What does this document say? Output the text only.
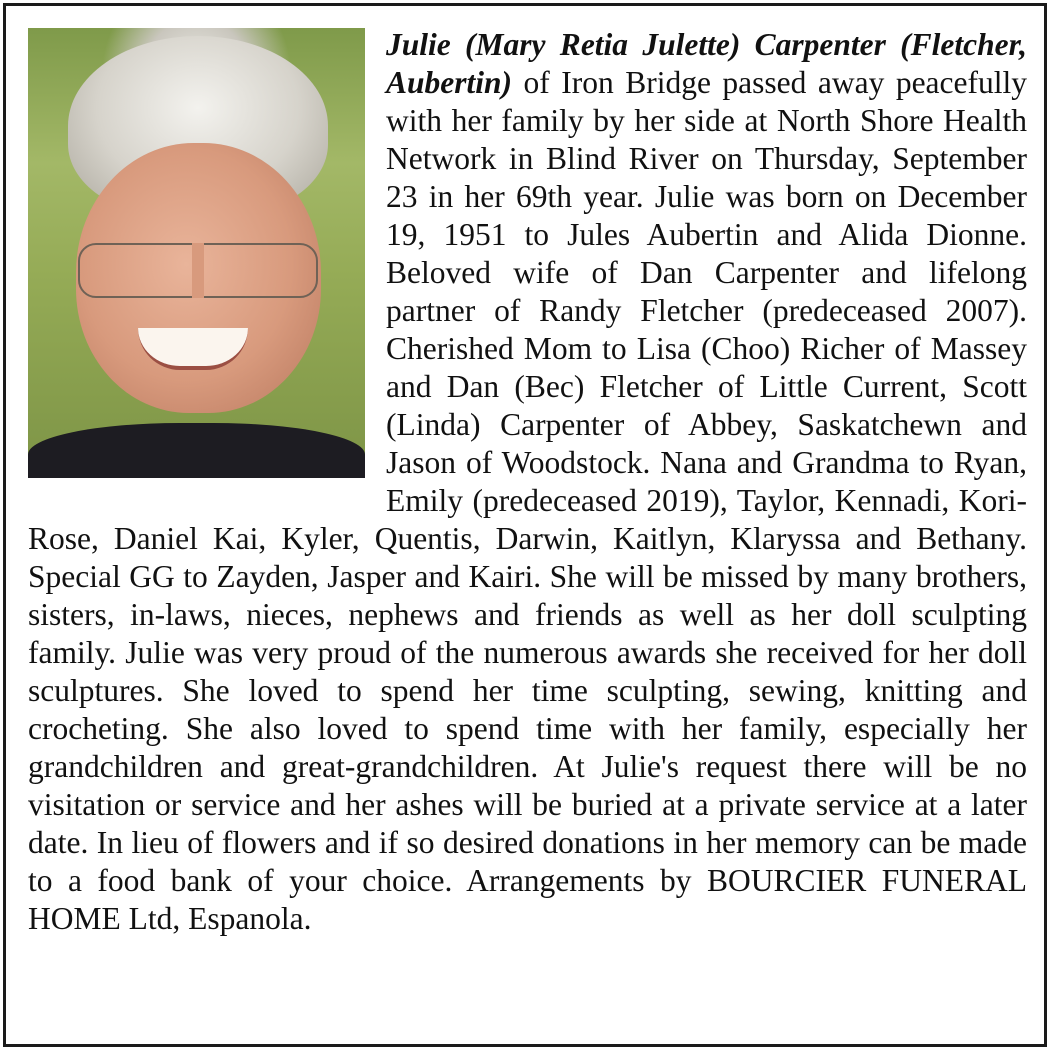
Julie (Mary Retia Julette) Carpenter (Fletcher, Aubertin) of Iron Bridge passed away peacefully with her family by her side at North Shore Health Network in Blind River on Thursday, September 23 in her 69th year. Julie was born on December 19, 1951 to Jules Aubertin and Alida Dionne. Beloved wife of Dan Carpenter and lifelong partner of Randy Fletcher (predeceased 2007). Cherished Mom to Lisa (Choo) Richer of Massey and Dan (Bec) Fletcher of Little Current, Scott (Linda) Carpenter of Abbey, Saskatchewn and Jason of Woodstock. Nana and Grandma to Ryan, Emily (predeceased 2019), Taylor, Kennadi, Kori-Rose, Daniel Kai, Kyler, Quentis, Darwin, Kaitlyn, Klaryssa and Bethany. Special GG to Zayden, Jasper and Kairi. She will be missed by many brothers, sisters, in-laws, nieces, nephews and friends as well as her doll sculpting family. Julie was very proud of the numerous awards she received for her doll sculptures. She loved to spend her time sculpting, sewing, knitting and crocheting. She also loved to spend time with her family, especially her grandchildren and great-grandchildren. At Julie's request there will be no visitation or service and her ashes will be buried at a private service at a later date. In lieu of flowers and if so desired donations in her memory can be made to a food bank of your choice. Arrangements by BOURCIER FUNERAL HOME Ltd, Espanola.
